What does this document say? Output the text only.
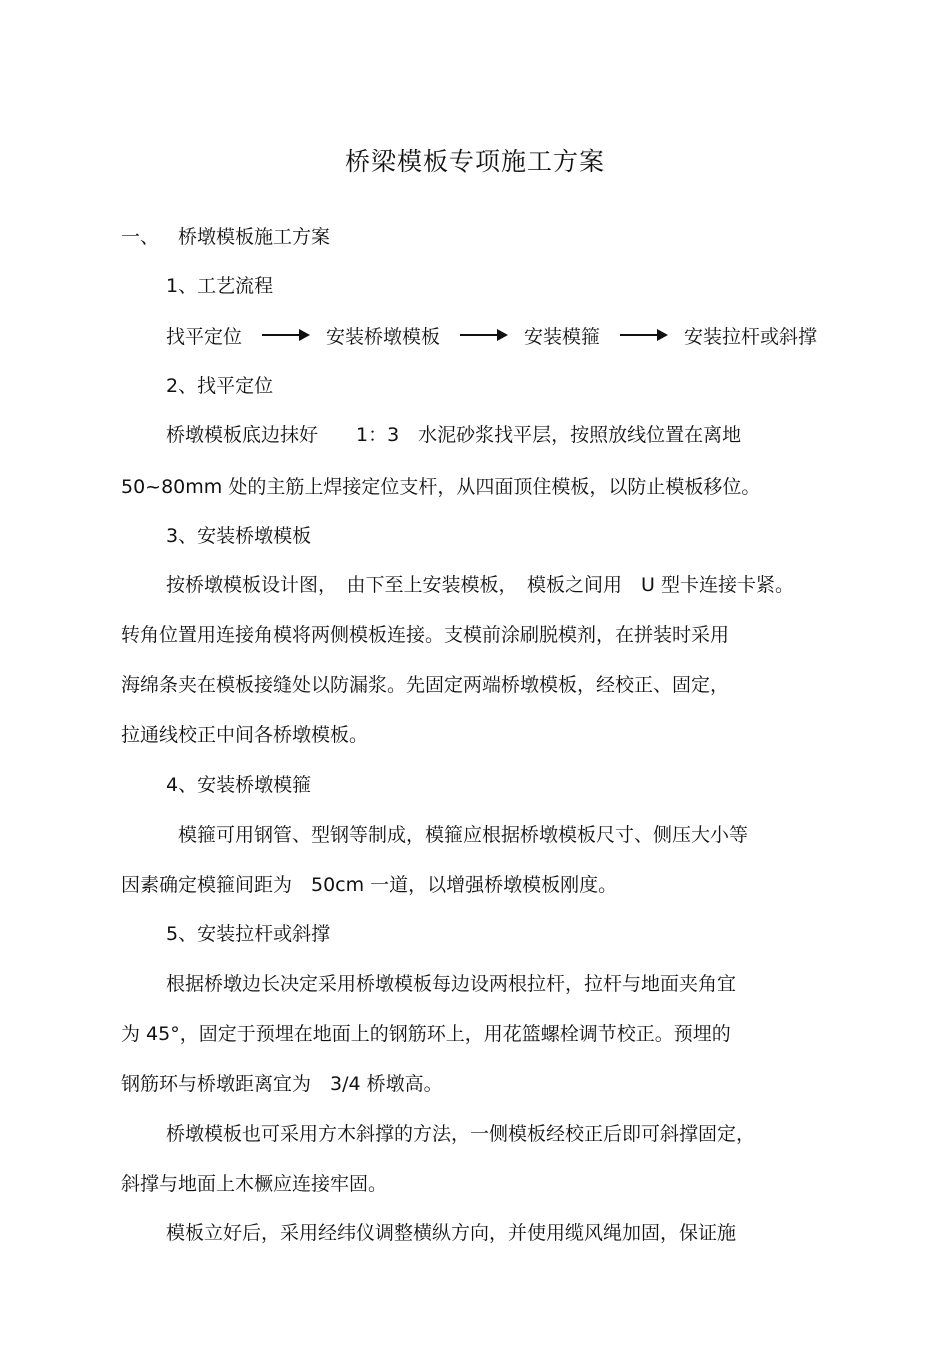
桥梁模板专项施工方案
一、 桥墩模板施工方案
1、工艺流程
找平定位	安装桥墩模板	安装模箍	安装拉杆或斜撑
2、找平定位
桥墩模板底边抹好　　1：3　水泥砂浆找平层，按照放线位置在离地
50~80mm 处的主筋上焊接定位支杆，从四面顶住模板，以防止模板移位。
3、安装桥墩模板
按桥墩模板设计图，　由下至上安装模板，　模板之间用　U 型卡连接卡紧。
转角位置用连接角模将两侧模板连接。支模前涂刷脱模剂，在拼装时采用
海绵条夹在模板接缝处以防漏浆。先固定两端桥墩模板，经校正、固定，
拉通线校正中间各桥墩模板。
4、安装桥墩模箍
模箍可用钢管、型钢等制成，模箍应根据桥墩模板尺寸、侧压大小等
因素确定模箍间距为　50cm 一道，以增强桥墩模板刚度。
5、安装拉杆或斜撑
根据桥墩边长决定采用桥墩模板每边设两根拉杆，拉杆与地面夹角宜
为 45°，固定于预埋在地面上的钢筋环上，用花篮螺栓调节校正。预埋的
钢筋环与桥墩距离宜为　3/4 桥墩高。
桥墩模板也可采用方木斜撑的方法，一侧模板经校正后即可斜撑固定，
斜撑与地面上木橛应连接牢固。
模板立好后，采用经纬仪调整横纵方向，并使用缆风绳加固，保证施
